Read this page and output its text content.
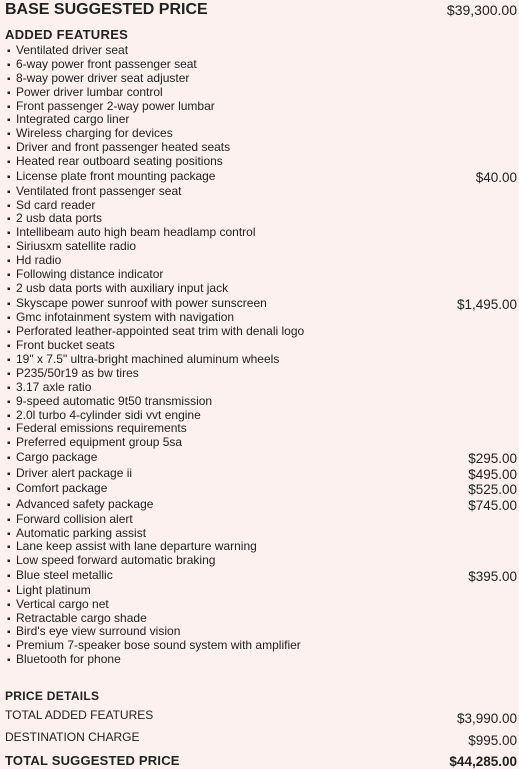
BASE SUGGESTED PRICE	$39,300.00
ADDED FEATURES
▪ Ventilated driver seat
▪ 6-way power front passenger seat
▪ 8-way power driver seat adjuster
▪ Power driver lumbar control
▪ Front passenger 2-way power lumbar
▪ Integrated cargo liner
▪ Wireless charging for devices
▪ Driver and front passenger heated seats
▪ Heated rear outboard seating positions
▪ License plate front mounting package	$40.00
▪ Ventilated front passenger seat
▪ Sd card reader
▪ 2 usb data ports
▪ Intellibeam auto high beam headlamp control
▪ Siriusxm satellite radio
▪ Hd radio
▪ Following distance indicator
▪ 2 usb data ports with auxiliary input jack
▪ Skyscape power sunroof with power sunscreen	$1,495.00
▪ Gmc infotainment system with navigation
▪ Perforated leather-appointed seat trim with denali logo
▪ Front bucket seats
▪ 19" x 7.5" ultra-bright machined aluminum wheels
▪ P235/50r19 as bw tires
▪ 3.17 axle ratio
▪ 9-speed automatic 9t50 transmission
▪ 2.0l turbo 4-cylinder sidi vvt engine
▪ Federal emissions requirements
▪ Preferred equipment group 5sa
▪ Cargo package	$295.00
▪ Driver alert package ii	$495.00
▪ Comfort package	$525.00
▪ Advanced safety package	$745.00
▪ Forward collision alert
▪ Automatic parking assist
▪ Lane keep assist with lane departure warning
▪ Low speed forward automatic braking
▪ Blue steel metallic	$395.00
▪ Light platinum
▪ Vertical cargo net
▪ Retractable cargo shade
▪ Bird's eye view surround vision
▪ Premium 7-speaker bose sound system with amplifier
▪ Bluetooth for phone
PRICE DETAILS
TOTAL ADDED FEATURES	$3,990.00
DESTINATION CHARGE	$995.00
TOTAL SUGGESTED PRICE	$44,285.00
